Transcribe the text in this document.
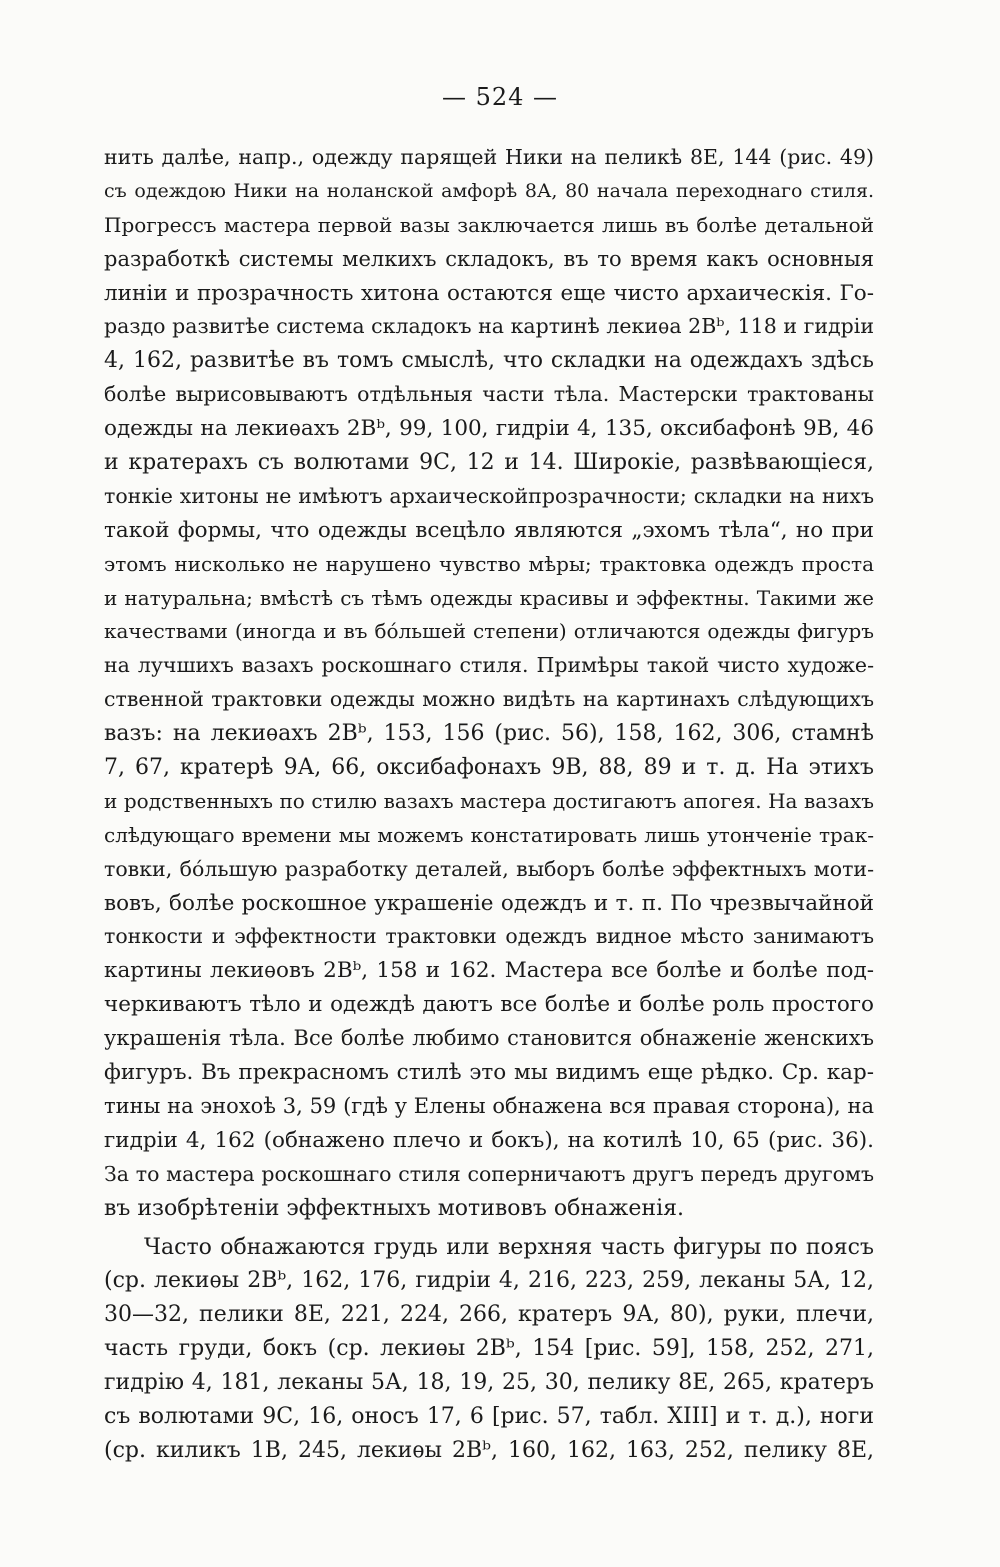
— 524 —
нить далѣе, напр., одежду парящей Ники на пеликѣ 8Е, 144 (рис. 49)
съ одеждою Ники на ноланской амфорѣ 8А, 80 начала переходнаго стиля.
Прогрессъ мастера первой вазы заключается лишь въ болѣе детальной
разработкѣ системы мелкихъ складокъ, въ то время какъ основныя
линіи и прозрачность хитона остаются еще чисто архаическія. Го-
раздо развитѣе система складокъ на картинѣ лекиѳа 2Вᵇ, 118 и гидріи
4, 162, развитѣе въ томъ смыслѣ, что складки на одеждахъ здѣсь
болѣе вырисовываютъ отдѣльныя части тѣла. Мастерски трактованы
одежды на лекиѳахъ 2Вᵇ, 99, 100, гидріи 4, 135, оксибафонѣ 9В, 46
и кратерахъ съ волютами 9С, 12 и 14. Широкіе, развѣвающіеся,
тонкіе хитоны не имѣютъ архаическойпрозрачности; складки на нихъ
такой формы, что одежды всецѣло являются „эхомъ тѣла“, но при
этомъ нисколько не нарушено чувство мѣры; трактовка одеждъ проста
и натуральна; вмѣстѣ съ тѣмъ одежды красивы и эффектны. Такими же
качествами (иногда и въ бо́льшей степени) отличаются одежды фигуръ
на лучшихъ вазахъ роскошнаго стиля. Примѣры такой чисто художе-
ственной трактовки одежды можно видѣть на картинахъ слѣдующихъ
вазъ: на лекиѳахъ 2Вᵇ, 153, 156 (рис. 56), 158, 162, 306, стамнѣ
7, 67, кратерѣ 9А, 66, оксибафонахъ 9В, 88, 89 и т. д. На этихъ
и родственныхъ по стилю вазахъ мастера достигаютъ апогея. На вазахъ
слѣдующаго времени мы можемъ констатировать лишь утонченіе трак-
товки, бо́льшую разработку деталей, выборъ болѣе эффектныхъ моти-
вовъ, болѣе роскошное украшеніе одеждъ и т. п. По чрезвычайной
тонкости и эффектности трактовки одеждъ видное мѣсто занимаютъ
картины лекиѳовъ 2Вᵇ, 158 и 162. Мастера все болѣе и болѣе под-
черкиваютъ тѣло и одеждѣ даютъ все болѣе и болѣе роль простого
украшенія тѣла. Все болѣе любимо становится обнаженіе женскихъ
фигуръ. Въ прекрасномъ стилѣ это мы видимъ еще рѣдко. Ср. кар-
тины на энохоѣ 3, 59 (гдѣ у Елены обнажена вся правая сторона), на
гидріи 4, 162 (обнажено плечо и бокъ), на котилѣ 10, 65 (рис. 36).
За то мастера роскошнаго стиля соперничаютъ другъ передъ другомъ
въ изобрѣтеніи эффектныхъ мотивовъ обнаженія.
Часто обнажаются грудь или верхняя часть фигуры по поясъ
(ср. лекиѳы 2Вᵇ, 162, 176, гидріи 4, 216, 223, 259, леканы 5А, 12,
30—32, пелики 8Е, 221, 224, 266, кратеръ 9А, 80), руки, плечи,
часть груди, бокъ (ср. лекиѳы 2Вᵇ, 154 [рис. 59], 158, 252, 271,
гидрію 4, 181, леканы 5А, 18, 19, 25, 30, пелику 8Е, 265, кратеръ
съ волютами 9С, 16, оносъ 17, 6 [рис. 57, табл. XIII] и т. д.), ноги
(ср. киликъ 1В, 245, лекиѳы 2Вᵇ, 160, 162, 163, 252, пелику 8Е,
